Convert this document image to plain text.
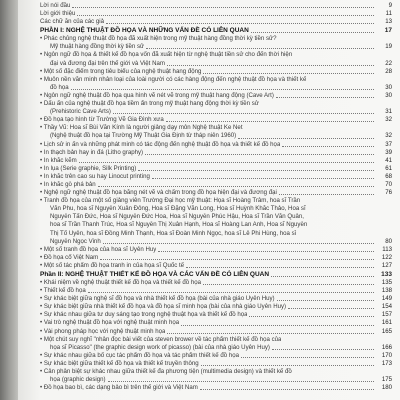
Lời nói đầu	9
Lời giới thiệu	11
Các chữ ăn của các giả	13
PHẦN I: NGHỆ THUẬT ĐỒ HỌA VÀ NHỮNG VẤN ĐỀ CÓ LIÊN QUAN	17
• Phác chủng nghệ thuật đồ họa đã xuất hiện trong mỹ thuật hàng đồng thời kỳ tiền sử?
Mỹ thuật hàng đồng thời kỳ tiền sử	19
• Ngôn ngữ đồ họa & thiết kế đồ họa vốn đã xuất hiện từ nghệ thuật tiền sử cho đến thời hiện
đại và đương đại trên thế giới và Việt Nam	22
• Một số đặc điểm trong tiêu biểu của nghệ thuật hang động	28
• Muôn nền văn minh nhân loại của loài người có các hàng động đến nghệ thuật đồ họa và thiết kế
đồ họa	30
• Ngôn ngữ nghệ thuật đồ họa qua hình vẽ nét vẽ trong mỹ thuật hang động (Cave Art)	30
• Dấu ấn của nghệ thuật đồ họa tiềm ẩn trong mỹ thuật hang động thời kỳ tiền sử
(Prehistoric Cave Arts)	31
• Đồ họa tạo hình từ Trường Vẽ Gia Đình xưa	32
• Thầy Vũ: Hoa sĩ Bùi Văn Kính là người giảng dạy môn Nghệ thuật Ke Net
(Nghệ thuật đồ họa tại Trường Mỹ Thuật Gia Định từ tháp niên 1960)	32
• Lịch sử in ấn và những phát minh có tác động đến nghệ thuật đồ họa và thiết kế đồ họa	37
• In thạch bản hay in đá (Litho graphy)	39
• In khắc kẽm	41
• In lụa (Serie graphie, Silk Printing)	61
• In khắc trên cao su hay Linocut printing	68
• In khắc gỗ phá bản	70
• Nghệ ngữ nghệ thuật đồ họa bằng nét vẽ và chấm trong đồ họa hiện đại và đương đại	76
• Tranh đồ họa của một số giảng viên Trường Đại học mỹ thuật: Họa sĩ Hoàng Trâm, hoa sĩ Trần
Văn Phu, hoa sĩ Nguyễn Xuân Đông, Hoa sĩ Đặng Văn Long, Hoa sĩ Huỳnh Khắc Thảo, Hoa sĩ
Nguyễn Tấn Đức, Hoa sĩ Nguyễn Đức Hoa, Hoa sĩ Nguyễn Phúc Hậu, Hoa sĩ Trần Văn Quân,
hoa sĩ Trần Thanh Trúc, Hoa sĩ Nguyễn Thị Xuân Hạnh, Hoa sĩ Hoàng Lan Anh, Hoa sĩ Nguyễn
Thị Tố Uyên, hoa sĩ Đồng Minh Thạnh, Hoa sĩ Đoàn Minh Ngọc, hoa sĩ Lê Phi Hùng, hoa sĩ
Nguyễn Ngọc Vinh	80
• Một số tranh đồ họa của hoa sĩ Uyên Huy	113
• Đồ họa cổ Việt Nam	122
• Một số tác phẩm đồ họa tranh in của họa sĩ Quốc tế	127
Phần II: NGHỆ THUẬT THIẾT KẾ ĐỒ HỌA VÀ CÁC VẤN ĐỀ CÓ LIÊN QUAN	133
• Khái niệm về nghệ thuật thiết kế đồ họa và thiết kế đồ họa	135
• Thiết kế đồ họa	138
• Sự khác biệt giữa nghệ sĩ đồ họa và nhà thiết kế đồ họa (bài của nhà giáo Uyên Huy)	149
• Sự khác biệt giữa nhà thiết kế đồ họa và đồ họa sĩ minh họa (bài của nhà giáo Uyên Huy)	154
• Sự khác nhau giữa tư duy sáng tạo trong nghệ thuật họa và thiết kế đồ họa	157
• Vai trò nghệ thuật đồ họa với nghệ thuật minh họa	161
• Vài phong pháp học với nghệ thuật minh họa	165
• Một chút suy nghĩ "nhân đọc bài viết của steven brower về tác phẩm thiết kế đồ họa của
họa sĩ Picasso" (the graphic design work of picasso) (bài của nhà giáo Uyên Huy)	166
• Sự khác nhau giữa bố cục tác phẩm đồ họa và tác phẩm thiết kế đồ họa	170
• Sự khác biệt giữa thiết kế đồ họa và thiết kế truyền thông	173
• Cân phân biệt sự khác nhau giữa thiết kế đa phương tiện (multimedia design) và thiết kế đồ
họa (graphic design)	175
• Đồ họa bao bì, các dạng bảo bì trên thế giới và Việt Nam	180
